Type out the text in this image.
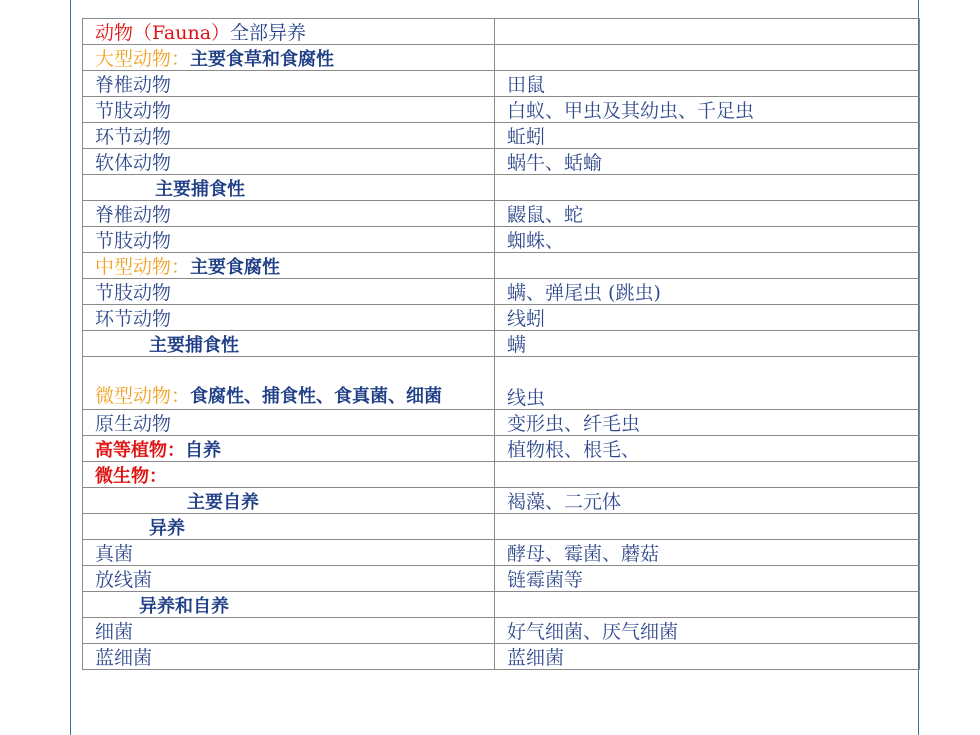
动物（Fauna）全部异养	
大型动物：主要食草和食腐性	
脊椎动物	田鼠
节肢动物	白蚁、甲虫及其幼虫、千足虫
环节动物	蚯蚓
软体动物	蜗牛、蛞蝓
主要捕食性	
脊椎动物	鼹鼠、蛇
节肢动物	蜘蛛、
中型动物：主要食腐性	
节肢动物	螨、弹尾虫 (跳虫)
环节动物	线蚓
主要捕食性	螨

微型动物：食腐性、捕食性、食真菌、细菌	线虫
原生动物	变形虫、纤毛虫
高等植物：自养	植物根、根毛、
微生物：	
主要自养	褐藻、二元体
异养	
真菌	酵母、霉菌、蘑菇
放线菌	链霉菌等
异养和自养	
细菌	好气细菌、厌气细菌
蓝细菌	蓝细菌
